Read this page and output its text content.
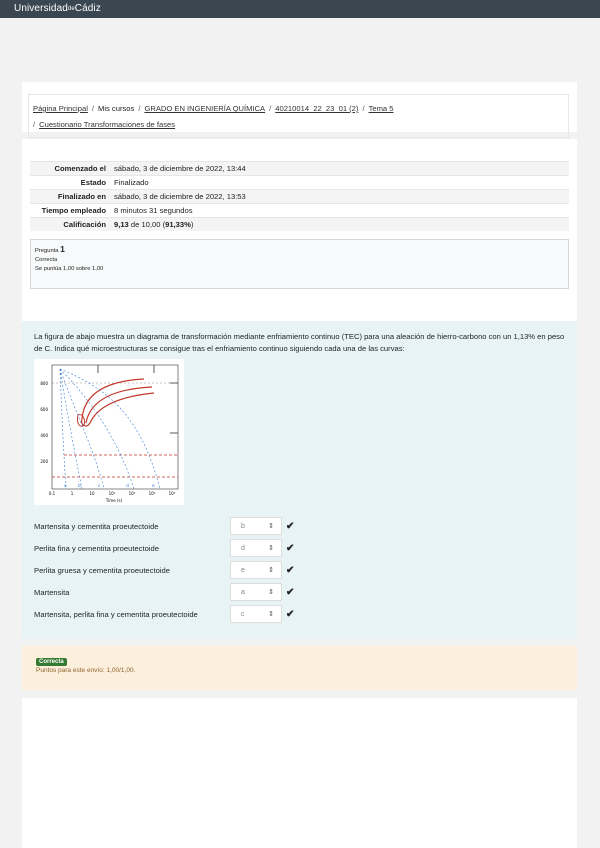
UniversidaddeCádiz
Página Principal / Mis cursos / GRADO EN INGENIERÍA QUÍMICA / 40210014_22_23_01 (2) / Tema 5
/ Cuestionario Transformaciones de fases
Comenzado el	sábado, 3 de diciembre de 2022, 13:44
Estado	Finalizado
Finalizado en	sábado, 3 de diciembre de 2022, 13:53
Tiempo empleado	8 minutos 31 segundos
Calificación	9,13 de 10,00 (91,33%)
Pregunta 1
Correcta
Se puntúa 1,00 sobre 1,00
La figura de abajo muestra un diagrama de transformación mediante enfriamiento continuo (TEC) para una aleación de hierro-carbono con un 1,13% en peso de C. Indica qué microestructuras se consigue tras el enfriamiento continuo siguiendo cada una de las curvas:
800
600
400
200
0.1	1	10	10²	10³	10⁴	10⁵
a b	c	d	e
Time (s)
Martensita y cementita proeutectoide	b	⇕ ✔
Perlita fina y cementita proeutectoide	d	⇕ ✔
Perlita gruesa y cementita proeutectoide	e	⇕ ✔
Martensita	a	⇕ ✔
Martensita, perlita fina y cementita proeutectoide	c	⇕ ✔
Correcta
Puntos para este envío: 1,00/1,00.
